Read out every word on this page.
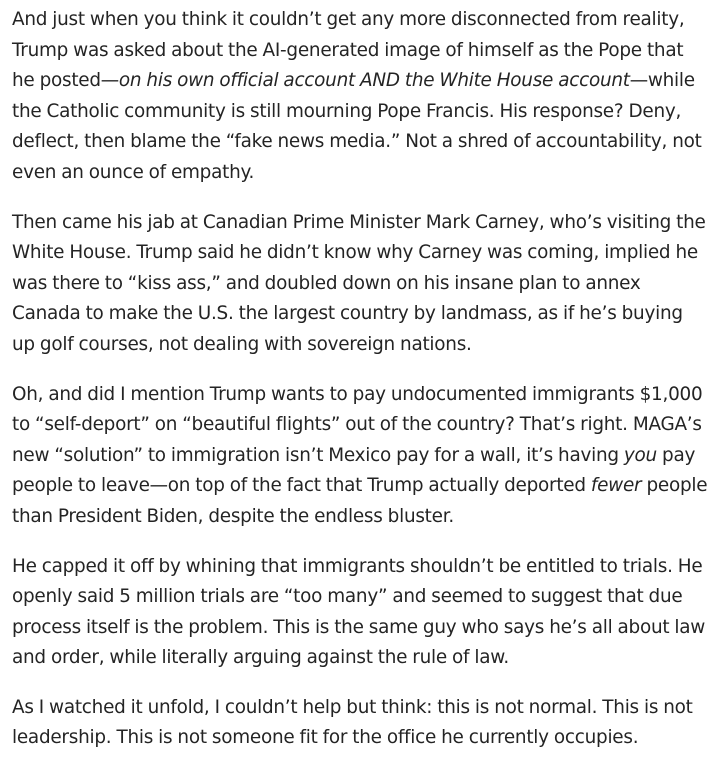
And just when you think it couldn’t get any more disconnected from reality, Trump was asked about the AI-generated image of himself as the Pope that he posted—on his own official account AND the White House account—while the Catholic community is still mourning Pope Francis. His response? Deny, deflect, then blame the “fake news media.” Not a shred of accountability, not even an ounce of empathy.

Then came his jab at Canadian Prime Minister Mark Carney, who’s visiting the White House. Trump said he didn’t know why Carney was coming, implied he was there to “kiss ass,” and doubled down on his insane plan to annex Canada to make the U.S. the largest country by landmass, as if he’s buying up golf courses, not dealing with sovereign nations.

Oh, and did I mention Trump wants to pay undocumented immigrants $1,000 to “self-deport” on “beautiful flights” out of the country? That’s right. MAGA’s new “solution” to immigration isn’t Mexico pay for a wall, it’s having you pay people to leave—on top of the fact that Trump actually deported fewer people than President Biden, despite the endless bluster.

He capped it off by whining that immigrants shouldn’t be entitled to trials. He openly said 5 million trials are “too many” and seemed to suggest that due process itself is the problem. This is the same guy who says he’s all about law and order, while literally arguing against the rule of law.

As I watched it unfold, I couldn’t help but think: this is not normal. This is not leadership. This is not someone fit for the office he currently occupies.
